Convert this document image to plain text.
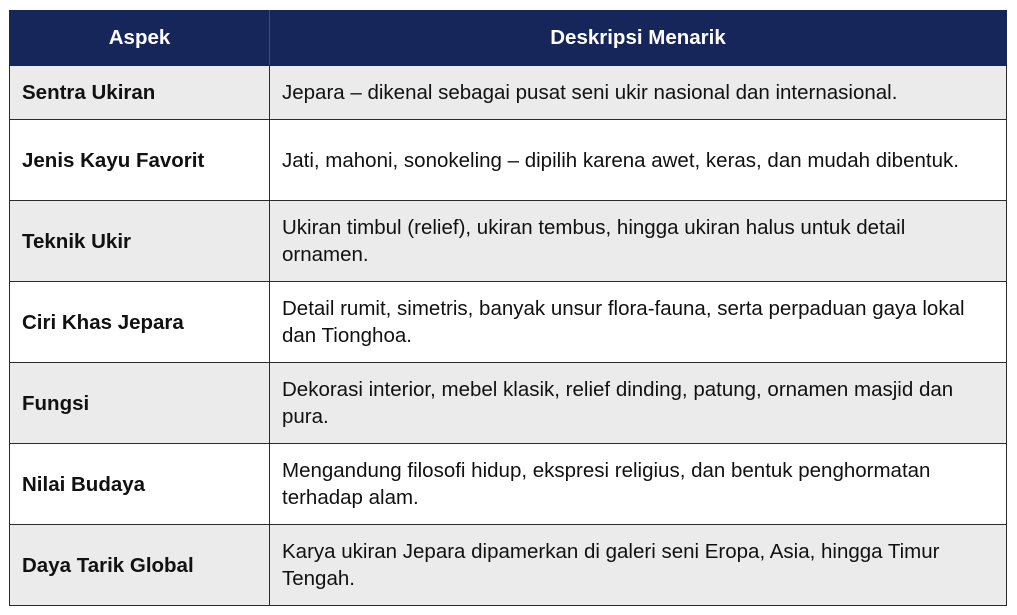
Aspek	Deskripsi Menarik
Sentra Ukiran	Jepara – dikenal sebagai pusat seni ukir nasional dan internasional.
Jenis Kayu Favorit	Jati, mahoni, sonokeling – dipilih karena awet, keras, dan mudah dibentuk.
Teknik Ukir	Ukiran timbul (relief), ukiran tembus, hingga ukiran halus untuk detail ornamen.
Ciri Khas Jepara	Detail rumit, simetris, banyak unsur flora-fauna, serta perpaduan gaya lokal dan Tionghoa.
Fungsi	Dekorasi interior, mebel klasik, relief dinding, patung, ornamen masjid dan pura.
Nilai Budaya	Mengandung filosofi hidup, ekspresi religius, dan bentuk penghormatan terhadap alam.
Daya Tarik Global	Karya ukiran Jepara dipamerkan di galeri seni Eropa, Asia, hingga Timur Tengah.
